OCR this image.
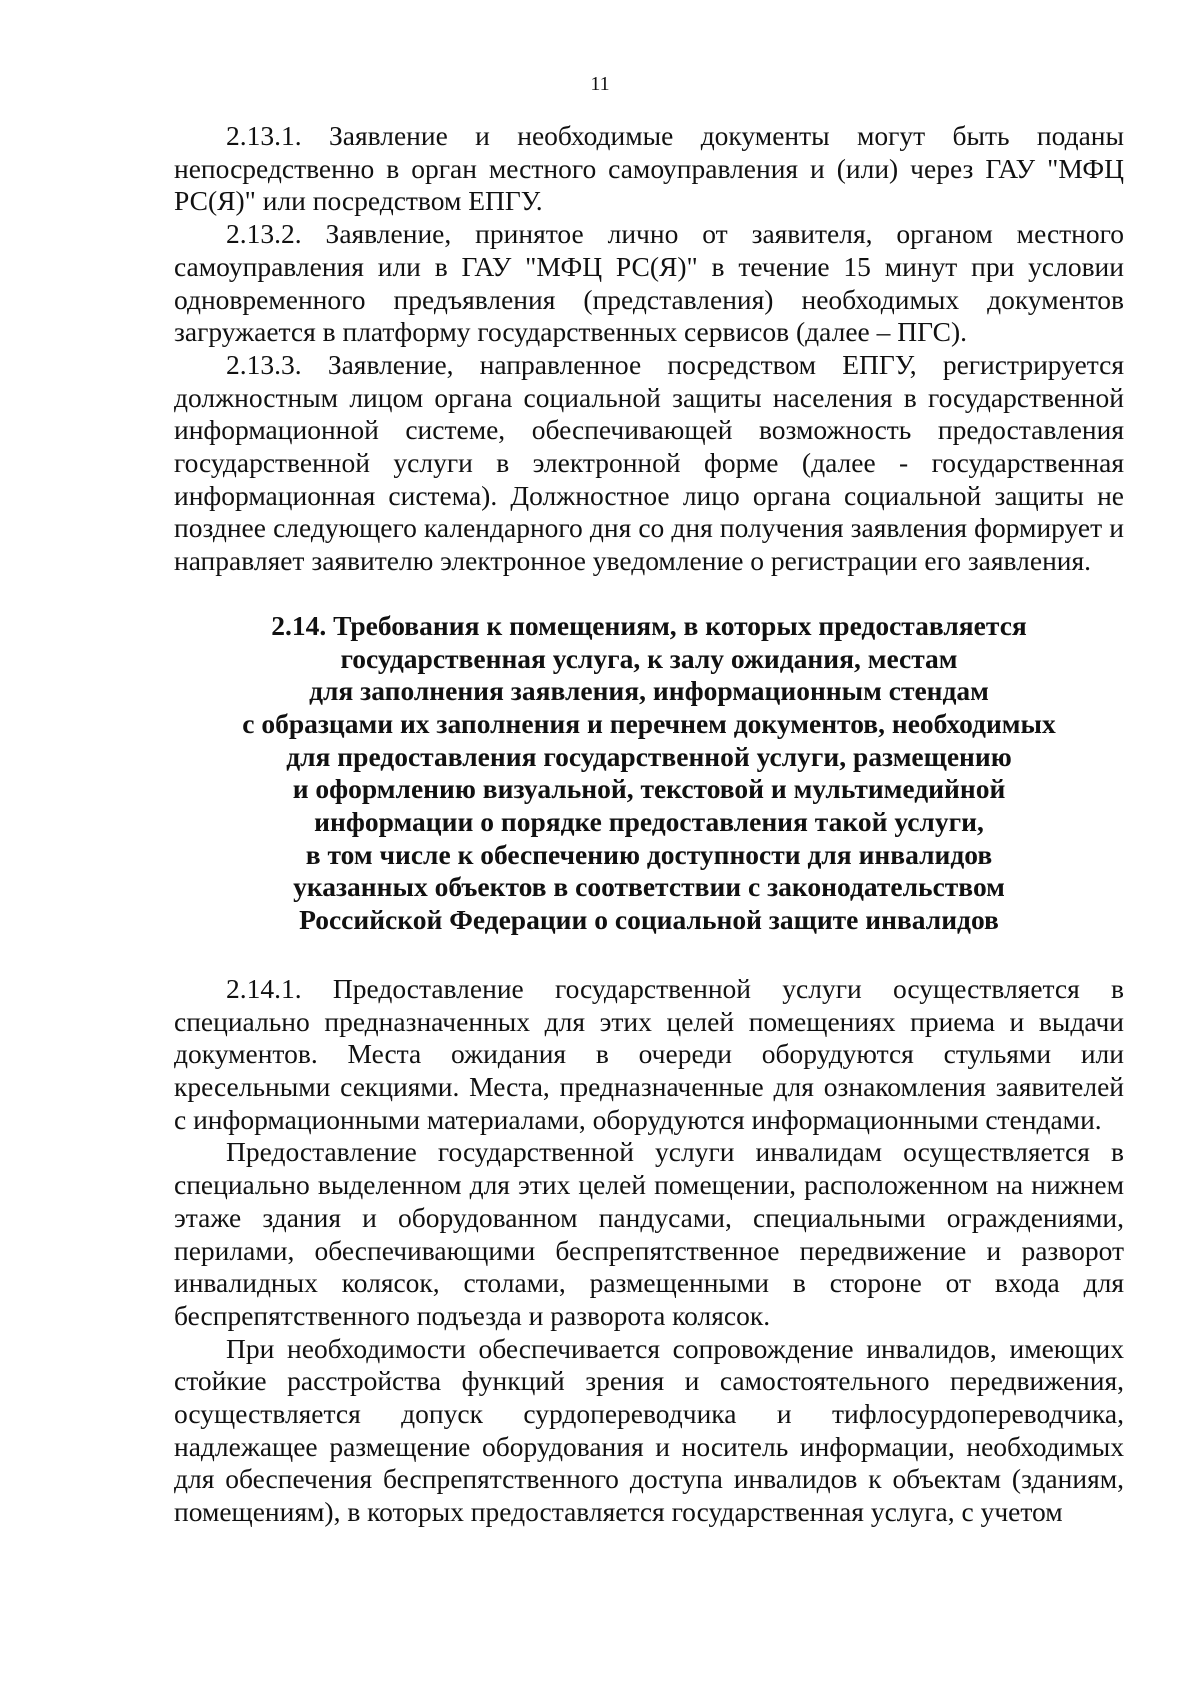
11

2.13.1. Заявление и необходимые документы могут быть поданы непосредственно в орган местного самоуправления и (или) через ГАУ "МФЦ РС(Я)" или посредством ЕПГУ.

2.13.2. Заявление, принятое лично от заявителя, органом местного самоуправления или в ГАУ "МФЦ РС(Я)" в течение 15 минут при условии одновременного предъявления (представления) необходимых документов загружается в платформу государственных сервисов (далее – ПГС).

2.13.3. Заявление, направленное посредством ЕПГУ, регистрируется должностным лицом органа социальной защиты населения в государственной информационной системе, обеспечивающей возможность предоставления государственной услуги в электронной форме (далее - государственная информационная система). Должностное лицо органа социальной защиты не позднее следующего календарного дня со дня получения заявления формирует и направляет заявителю электронное уведомление о регистрации его заявления.

2.14. Требования к помещениям, в которых предоставляется
государственная услуга, к залу ожидания, местам
для заполнения заявления, информационным стендам
с образцами их заполнения и перечнем документов, необходимых
для предоставления государственной услуги, размещению
и оформлению визуальной, текстовой и мультимедийной
информации о порядке предоставления такой услуги,
в том числе к обеспечению доступности для инвалидов
указанных объектов в соответствии с законодательством
Российской Федерации о социальной защите инвалидов

2.14.1. Предоставление государственной услуги осуществляется в специально предназначенных для этих целей помещениях приема и выдачи документов. Места ожидания в очереди оборудуются стульями или кресельными секциями. Места, предназначенные для ознакомления заявителей с информационными материалами, оборудуются информационными стендами.

Предоставление государственной услуги инвалидам осуществляется в специально выделенном для этих целей помещении, расположенном на нижнем этаже здания и оборудованном пандусами, специальными ограждениями, перилами, обеспечивающими беспрепятственное передвижение и разворот инвалидных колясок, столами, размещенными в стороне от входа для беспрепятственного подъезда и разворота колясок.

При необходимости обеспечивается сопровождение инвалидов, имеющих стойкие расстройства функций зрения и самостоятельного передвижения, осуществляется допуск сурдопереводчика и тифлосурдопереводчика, надлежащее размещение оборудования и носитель информации, необходимых для обеспечения беспрепятственного доступа инвалидов к объектам (зданиям, помещениям), в которых предоставляется государственная услуга, с учетом
